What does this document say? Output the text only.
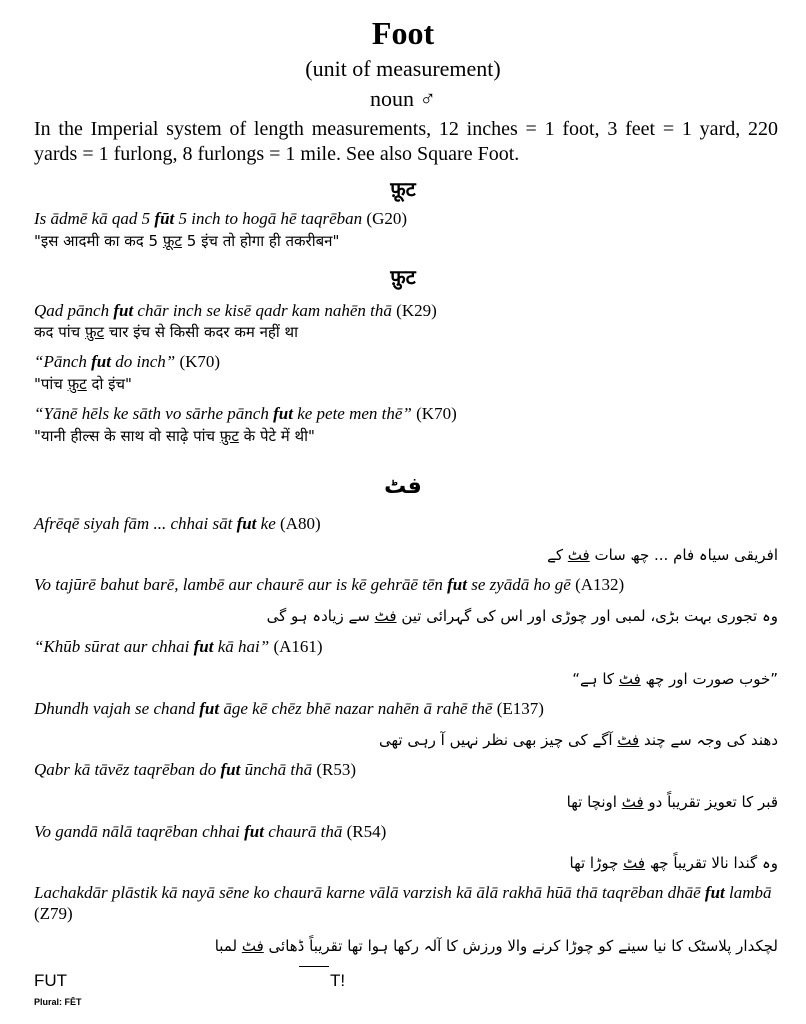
Foot
(unit of measurement)
noun ♂
In the Imperial system of length measurements, 12 inches = 1 foot, 3 feet = 1 yard, 220 yards = 1 furlong, 8 furlongs = 1 mile. See also Square Foot.
फ़ूट
Is ādmē kā qad 5 fūt 5 inch to hogā hē taqrēban (G20)
"इस आदमी का कद 5 फ़ूट 5 इंच तो होगा ही तकरीबन"
फ़ुट
Qad pānch fut chār inch se kisē qadr kam nahēn thā (K29)
कद पांच फ़ुट चार इंच से किसी कदर कम नहीं था
“Pānch fut do inch” (K70)
"पांच फ़ुट दो इंच"
“Yānē hēls ke sāth vo sārhe pānch fut ke pete men thē” (K70)
"यानी हील्स के साथ वो साढ़े पांच फ़ुट के पेटे में थी"
فٹ
Afrēqē siyah fām ... chhai sāt fut ke (A80)
افریقی سیاہ فام ... چھ سات فٹ کے
Vo tajūrē bahut barē, lambē aur chaurē aur is kē gehrāē tēn fut se zyādā ho gē (A132)
وہ تجوری بہت بڑی، لمبی اور چوڑی اور اس کی گہرائی تین فٹ سے زیادہ ہو گی
“Khūb sūrat aur chhai fut kā hai” (A161)
”خوب صورت اور چھ فٹ کا ہے“
Dhundh vajah se chand fut āge kē chēz bhē nazar nahēn ā rahē thē (E137)
دھند کی وجہ سے چند فٹ آگے کی چیز بھی نظر نہیں آ رہی تھی
Qabr kā tāvēz taqrēban do fut ūnchā thā (R53)
قبر کا تعویز تقریباً دو فٹ اونچا تھا
Vo gandā nālā taqrēban chhai fut chaurā thā (R54)
وہ گندا نالا تقریباً چھ فٹ چوڑا تھا
Lachakdār plāstik kā nayā sēne ko chaurā karne vālā varzish kā ālā rakhā hūā thā taqrēban dhāē fut lambā (Z79)
لچکدار پلاسٹک کا نیا سینے کو چوڑا کرنے والا ورزش کا آلہ رکھا ہوا تھا تقریباً ڈھائی فٹ لمبا
FUT	T!
Plural: FĒT
